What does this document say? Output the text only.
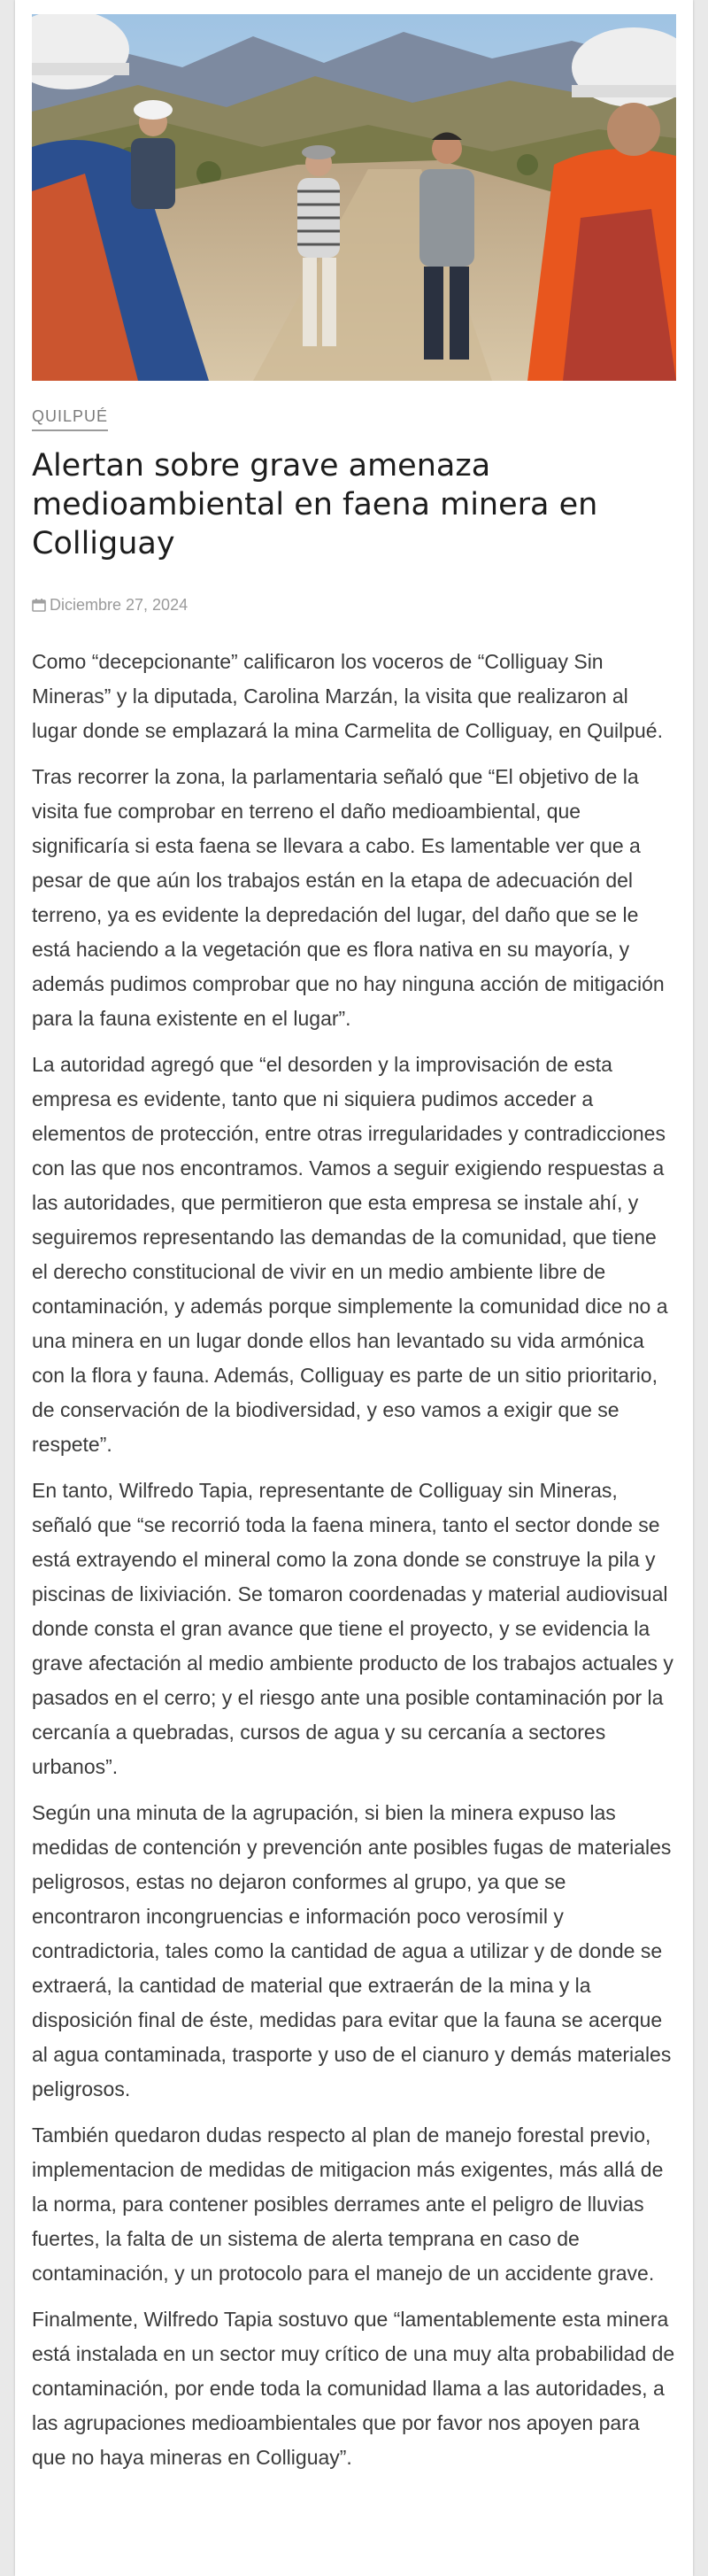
QUILPUÉ
Alertan sobre grave amenaza medioambiental en faena minera en Colliguay
Diciembre 27, 2024

Como “decepcionante” calificaron los voceros de “Colliguay Sin Mineras” y la diputada, Carolina Marzán, la visita que realizaron al lugar donde se emplazará la mina Carmelita de Colliguay, en Quilpué.

Tras recorrer la zona, la parlamentaria señaló que “El objetivo de la visita fue comprobar en terreno el daño medioambiental, que significaría si esta faena se llevara a cabo. Es lamentable ver que a pesar de que aún los trabajos están en la etapa de adecuación del terreno, ya es evidente la depredación del lugar, del daño que se le está haciendo a la vegetación que es flora nativa en su mayoría, y además pudimos comprobar que no hay ninguna acción de mitigación para la fauna existente en el lugar”.

La autoridad agregó que “el desorden y la improvisación de esta empresa es evidente, tanto que ni siquiera pudimos acceder a elementos de protección, entre otras irregularidades y contradicciones con las que nos encontramos. Vamos a seguir exigiendo respuestas a las autoridades, que permitieron que esta empresa se instale ahí, y seguiremos representando las demandas de la comunidad, que tiene el derecho constitucional de vivir en un medio ambiente libre de contaminación, y además porque simplemente la comunidad dice no a una minera en un lugar donde ellos han levantado su vida armónica con la flora y fauna. Además, Colliguay es parte de un sitio prioritario, de conservación de la biodiversidad, y eso vamos a exigir que se respete”.

En tanto, Wilfredo Tapia, representante de Colliguay sin Mineras, señaló que “se recorrió toda la faena minera, tanto el sector donde se está extrayendo el mineral como la zona donde se construye la pila y piscinas de lixiviación. Se tomaron coordenadas y material audiovisual donde consta el gran avance que tiene el proyecto, y se evidencia la grave afectación al medio ambiente producto de los trabajos actuales y pasados en el cerro; y el riesgo ante una posible contaminación por la cercanía a quebradas, cursos de agua y su cercanía a sectores urbanos”.

Según una minuta de la agrupación, si bien la minera expuso las medidas de contención y prevención ante posibles fugas de materiales peligrosos, estas no dejaron conformes al grupo, ya que se encontraron incongruencias e información poco verosímil y contradictoria, tales como la cantidad de agua a utilizar y de donde se extraerá, la cantidad de material que extraerán de la mina y la disposición final de éste, medidas para evitar que la fauna se acerque al agua contaminada, trasporte y uso de el cianuro y demás materiales peligrosos.

También quedaron dudas respecto al plan de manejo forestal previo, implementacion de medidas de mitigacion más exigentes, más allá de la norma, para contener posibles derrames ante el peligro de lluvias fuertes, la falta de un sistema de alerta temprana en caso de contaminación, y un protocolo para el manejo de un accidente grave.

Finalmente, Wilfredo Tapia sostuvo que “lamentablemente esta minera está instalada en un sector muy crítico de una muy alta probabilidad de contaminación, por ende toda la comunidad llama a las autoridades, a las agrupaciones medioambientales que por favor nos apoyen para que no haya mineras en Colliguay”.
